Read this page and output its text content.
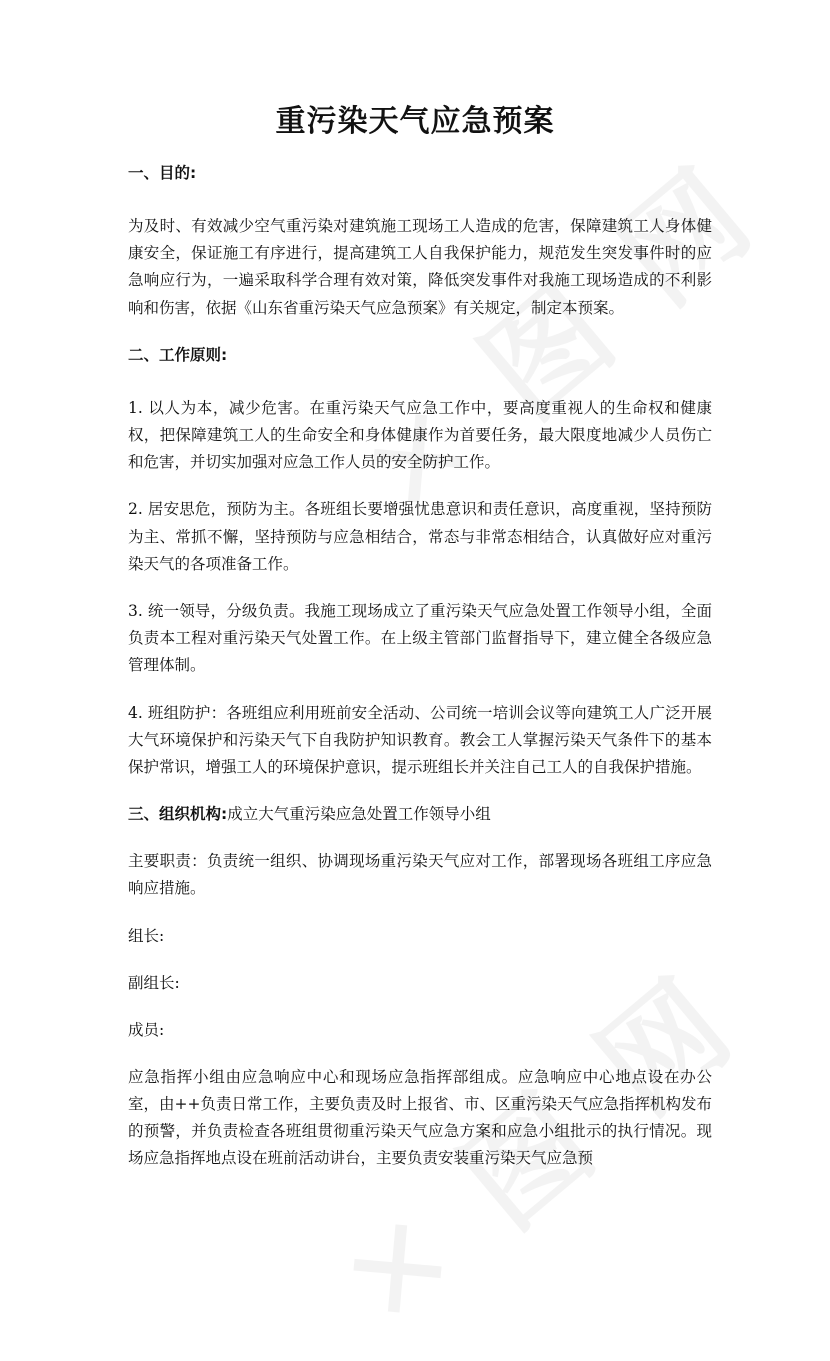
重污染天气应急预案

一、目的:

为及时、有效减少空气重污染对建筑施工现场工人造成的危害，保障建筑工人身体健康安全，保证施工有序进行，提高建筑工人自我保护能力，规范发生突发事件时的应急响应行为，一遍采取科学合理有效对策，降低突发事件对我施工现场造成的不利影响和伤害，依据《山东省重污染天气应急预案》有关规定，制定本预案。

二、工作原则:

1. 以人为本，减少危害。在重污染天气应急工作中，要高度重视人的生命权和健康权，把保障建筑工人的生命安全和身体健康作为首要任务，最大限度地减少人员伤亡和危害，并切实加强对应急工作人员的安全防护工作。

2. 居安思危，预防为主。各班组长要增强忧患意识和责任意识，高度重视，坚持预防为主、常抓不懈，坚持预防与应急相结合，常态与非常态相结合，认真做好应对重污染天气的各项准备工作。

3. 统一领导，分级负责。我施工现场成立了重污染天气应急处置工作领导小组，全面负责本工程对重污染天气处置工作。在上级主管部门监督指导下，建立健全各级应急管理体制。

4. 班组防护：各班组应利用班前安全活动、公司统一培训会议等向建筑工人广泛开展大气环境保护和污染天气下自我防护知识教育。教会工人掌握污染天气条件下的基本保护常识，增强工人的环境保护意识，提示班组长并关注自己工人的自我保护措施。

三、组织机构:成立大气重污染应急处置工作领导小组

主要职责：负责统一组织、协调现场重污染天气应对工作，部署现场各班组工序应急响应措施。

组长:

副组长:

成员:

应急指挥小组由应急响应中心和现场应急指挥部组成。应急响应中心地点设在办公室，由++负责日常工作，主要负责及时上报省、市、区重污染天气应急指挥机构发布的预警，并负责检查各班组贯彻重污染天气应急方案和应急小组批示的执行情况。现场应急指挥地点设在班前活动讲台，主要负责安装重污染天气应急预
